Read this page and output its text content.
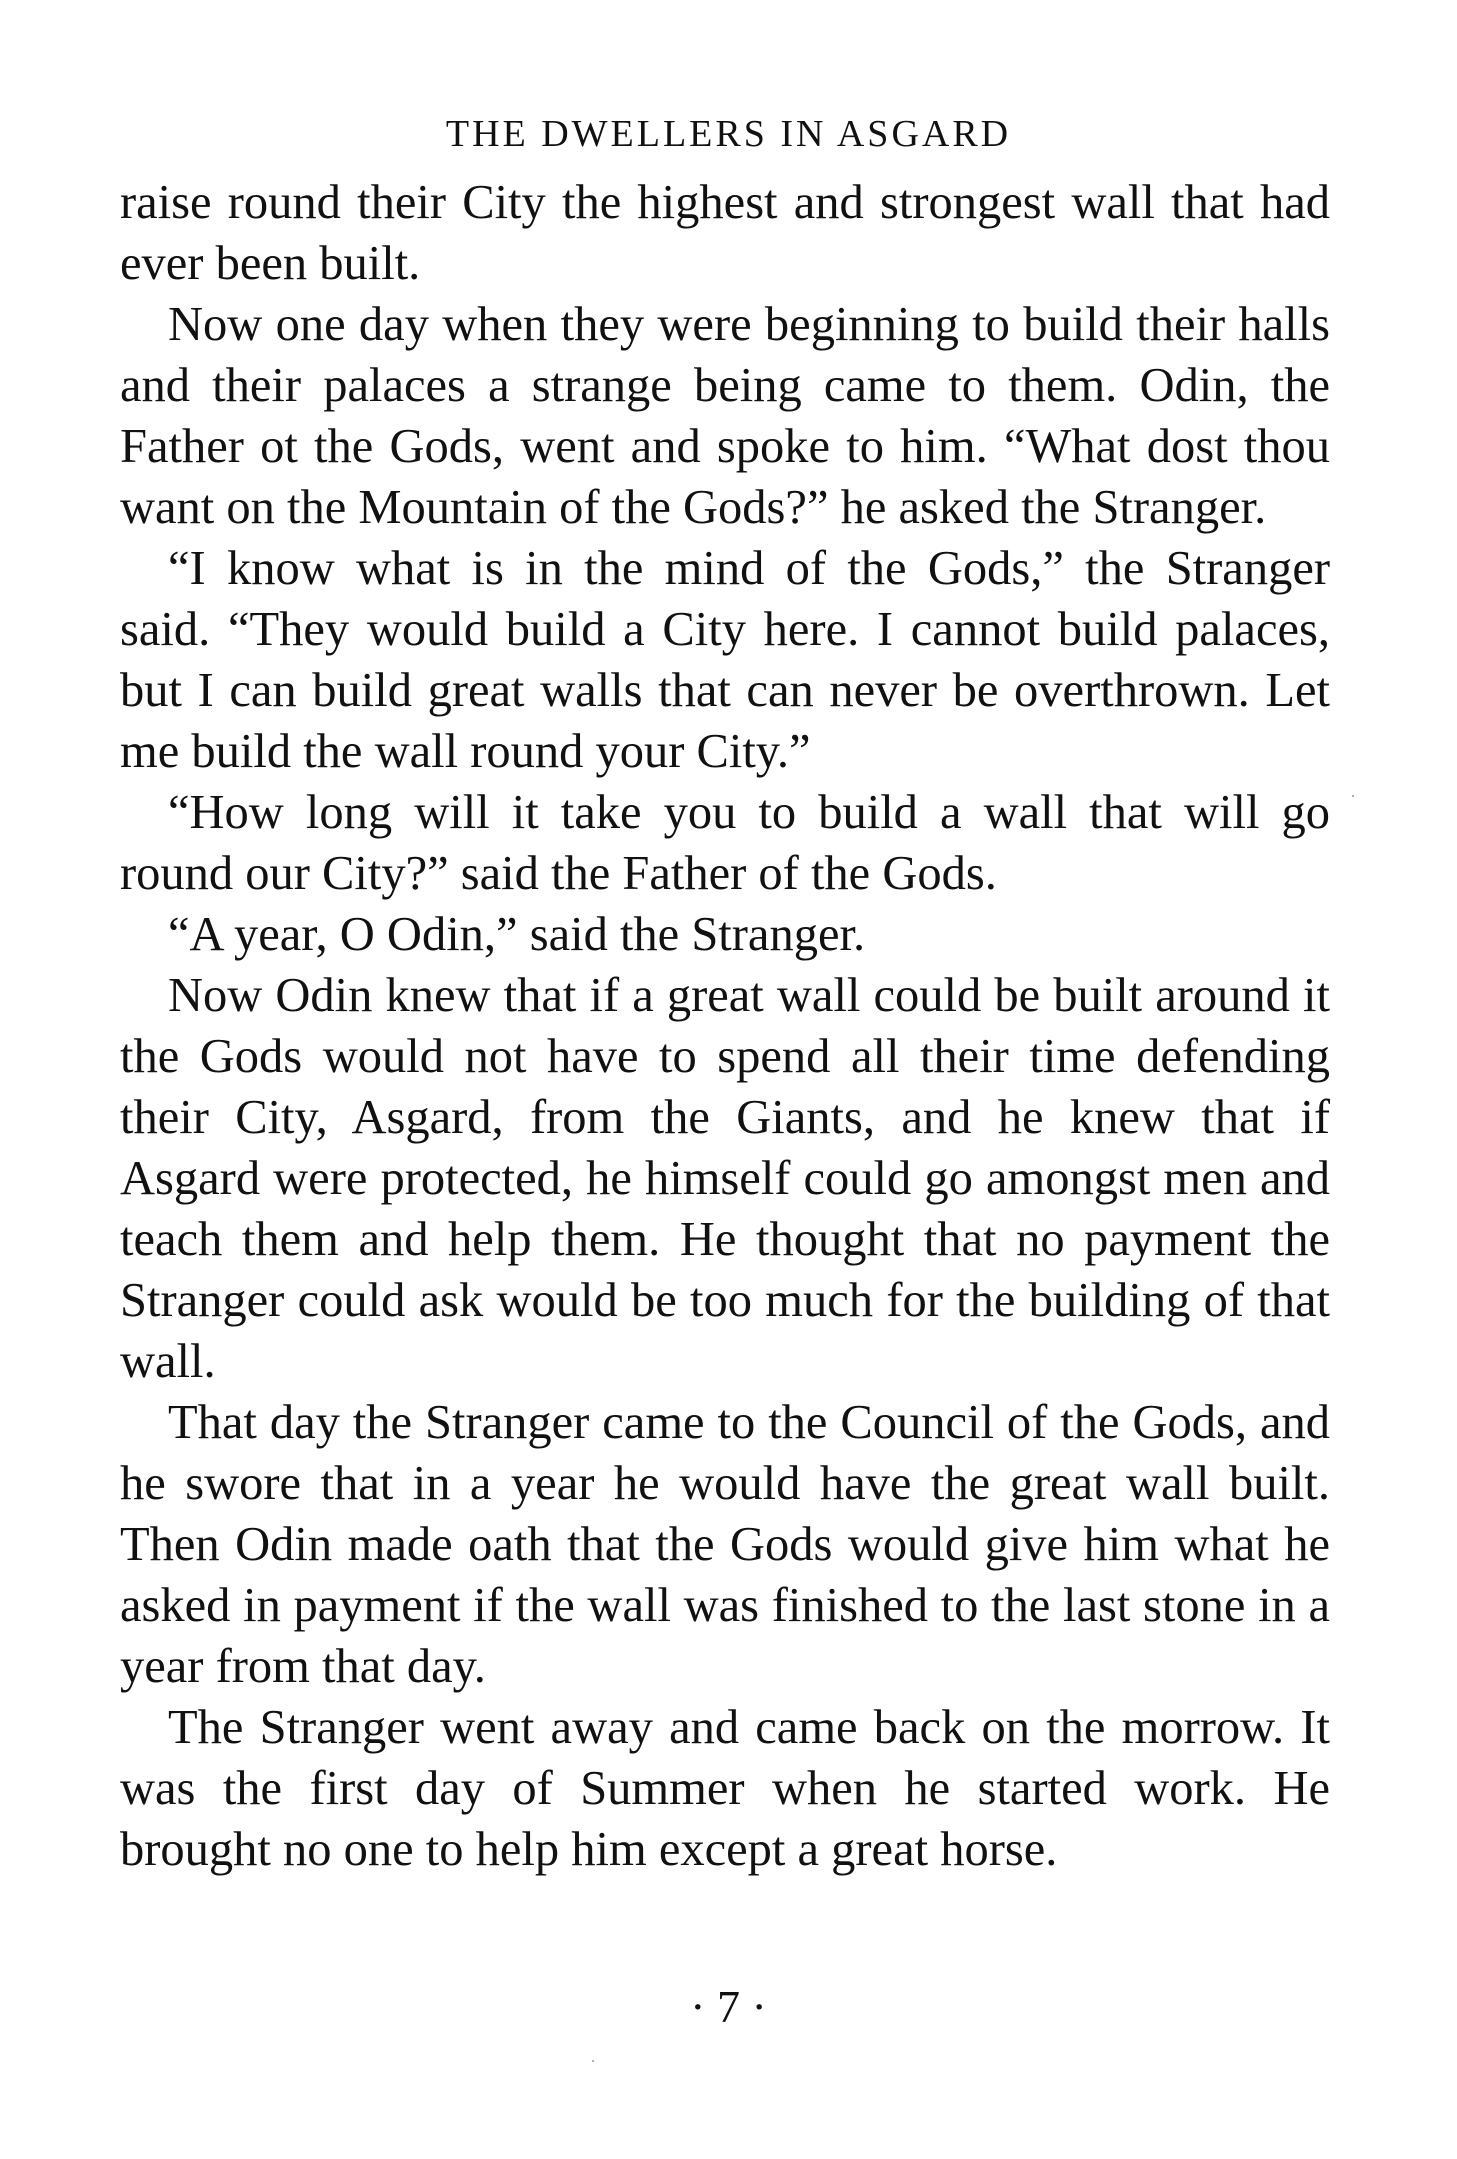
THE DWELLERS IN ASGARD

raise round their City the highest and strongest wall that had ever been built.

Now one day when they were beginning to build their halls and their palaces a strange being came to them. Odin, the Father ot the Gods, went and spoke to him. “What dost thou want on the Mountain of the Gods?” he asked the Stranger.

“I know what is in the mind of the Gods,” the Stranger said. “They would build a City here. I cannot build palaces, but I can build great walls that can never be overthrown. Let me build the wall round your City.”

“How long will it take you to build a wall that will go round our City?” said the Father of the Gods.

“A year, O Odin,” said the Stranger.

Now Odin knew that if a great wall could be built around it the Gods would not have to spend all their time defending their City, Asgard, from the Giants, and he knew that if Asgard were protected, he himself could go amongst men and teach them and help them. He thought that no payment the Stranger could ask would be too much for the building of that wall.

That day the Stranger came to the Council of the Gods, and he swore that in a year he would have the great wall built. Then Odin made oath that the Gods would give him what he asked in payment if the wall was finished to the last stone in a year from that day.

The Stranger went away and came back on the morrow. It was the first day of Summer when he started work. He brought no one to help him except a great horse.

· 7 ·
